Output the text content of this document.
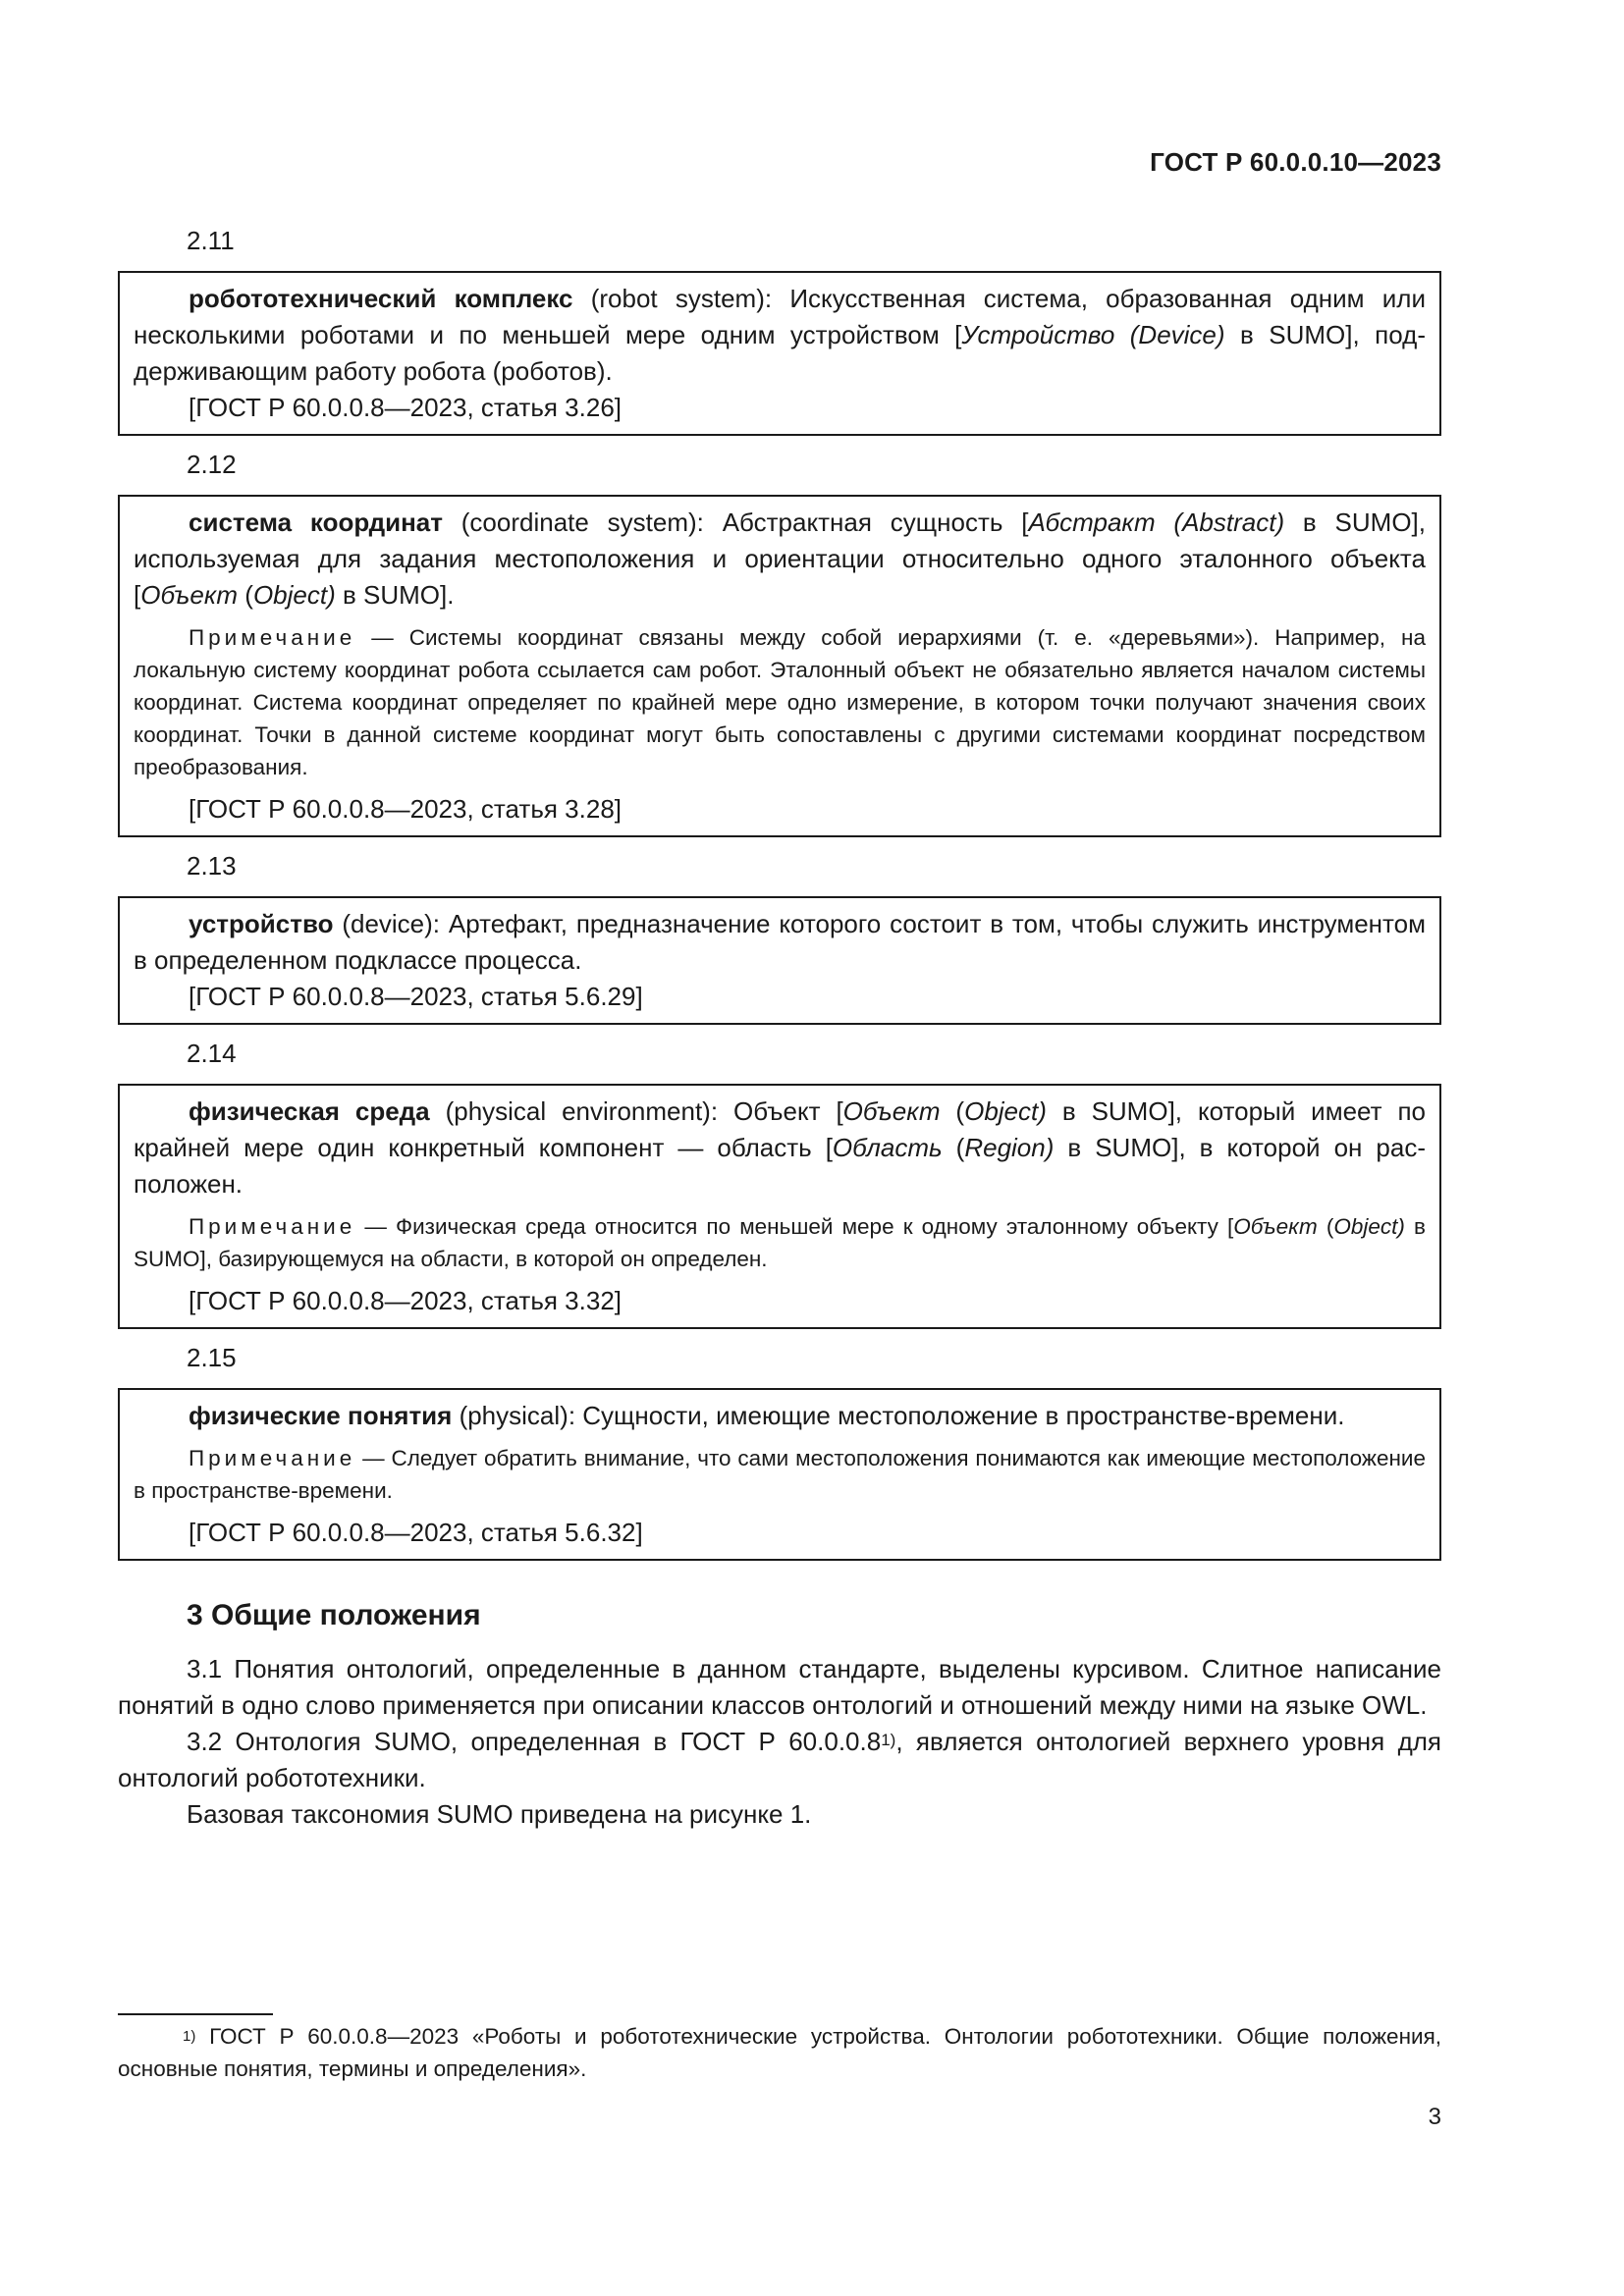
ГОСТ Р 60.0.0.10—2023
2.11

робототехнический комплекс (robot system): Искусственная система, образованная одним или несколькими роботами и по меньшей мере одним устройством [Устройство (Device) в SUMO], поддерживающим работу робота (роботов).

[ГОСТ Р 60.0.0.8—2023, статья 3.26]

2.12

система координат (coordinate system): Абстрактная сущность [Абстракт (Abstract) в SUMO], используемая для задания местоположения и ориентации относительно одного эталонного объекта [Объект (Object) в SUMO].

Примечание — Системы координат связаны между собой иерархиями (т. е. «деревьями»). Например, на локальную систему координат робота ссылается сам робот. Эталонный объект не обязательно является началом системы координат. Система координат определяет по крайней мере одно измерение, в котором точки получают значения своих координат. Точки в данной системе координат могут быть сопоставлены с другими системами координат посредством преобразования.

[ГОСТ Р 60.0.0.8—2023, статья 3.28]

2.13

устройство (device): Артефакт, предназначение которого состоит в том, чтобы служить инструментом в определенном подклассе процесса.

[ГОСТ Р 60.0.0.8—2023, статья 5.6.29]

2.14

физическая среда (physical environment): Объект [Объект (Object) в SUMO], который имеет по крайней мере один конкретный компонент — область [Область (Region) в SUMO], в которой он расположен.

Примечание — Физическая среда относится по меньшей мере к одному эталонному объекту [Объект (Object) в SUMO], базирующемуся на области, в которой он определен.

[ГОСТ Р 60.0.0.8—2023, статья 3.32]

2.15

физические понятия (physical): Сущности, имеющие местоположение в пространстве-времени.

Примечание — Следует обратить внимание, что сами местоположения понимаются как имеющие местоположение в пространстве-времени.

[ГОСТ Р 60.0.0.8—2023, статья 5.6.32]

3 Общие положения

3.1 Понятия онтологий, определенные в данном стандарте, выделены курсивом. Слитное написание понятий в одно слово применяется при описании классов онтологий и отношений между ними на языке OWL.

3.2 Онтология SUMO, определенная в ГОСТ Р 60.0.0.8$^{1)}$, является онтологией верхнего уровня для онтологий робототехники.

Базовая таксономия SUMO приведена на рисунке 1.

$^{1)}$ ГОСТ Р 60.0.0.8—2023 «Роботы и робототехнические устройства. Онтологии робототехники. Общие положения, основные понятия, термины и определения».
3
